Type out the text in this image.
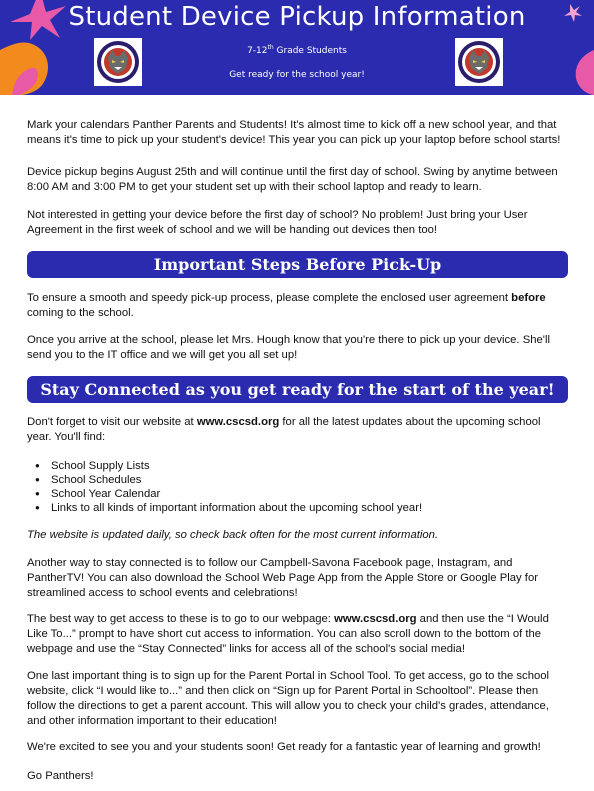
Student Device Pickup Information
7-12th Grade Students
Get ready for the school year!

Mark your calendars Panther Parents and Students! It's almost time to kick off a new school year, and that means it's time to pick up your student's device! This year you can pick up your laptop before school starts!

Device pickup begins August 25th and will continue until the first day of school. Swing by anytime between 8:00 AM and 3:00 PM to get your student set up with their school laptop and ready to learn.

Not interested in getting your device before the first day of school? No problem! Just bring your User Agreement in the first week of school and we will be handing out devices then too!

Important Steps Before Pick-Up

To ensure a smooth and speedy pick-up process, please complete the enclosed user agreement before coming to the school.

Once you arrive at the school, please let Mrs. Hough know that you're there to pick up your device. She'll send you to the IT office and we will get you all set up!

Stay Connected as you get ready for the start of the year!

Don't forget to visit our website at www.cscsd.org for all the latest updates about the upcoming school year. You'll find:

● School Supply Lists
● School Schedules
● School Year Calendar
● Links to all kinds of important information about the upcoming school year!

The website is updated daily, so check back often for the most current information.

Another way to stay connected is to follow our Campbell-Savona Facebook page, Instagram, and PantherTV! You can also download the School Web Page App from the Apple Store or Google Play for streamlined access to school events and celebrations!

The best way to get access to these is to go to our webpage: www.cscsd.org and then use the “I Would Like To...” prompt to have short cut access to information. You can also scroll down to the bottom of the webpage and use the “Stay Connected” links for access all of the school's social media!

One last important thing is to sign up for the Parent Portal in School Tool. To get access, go to the school website, click “I would like to...” and then click on “Sign up for Parent Portal in Schooltool”. Please then follow the directions to get a parent account. This will allow you to check your child's grades, attendance, and other information important to their education!

We're excited to see you and your students soon! Get ready for a fantastic year of learning and growth!

Go Panthers!
